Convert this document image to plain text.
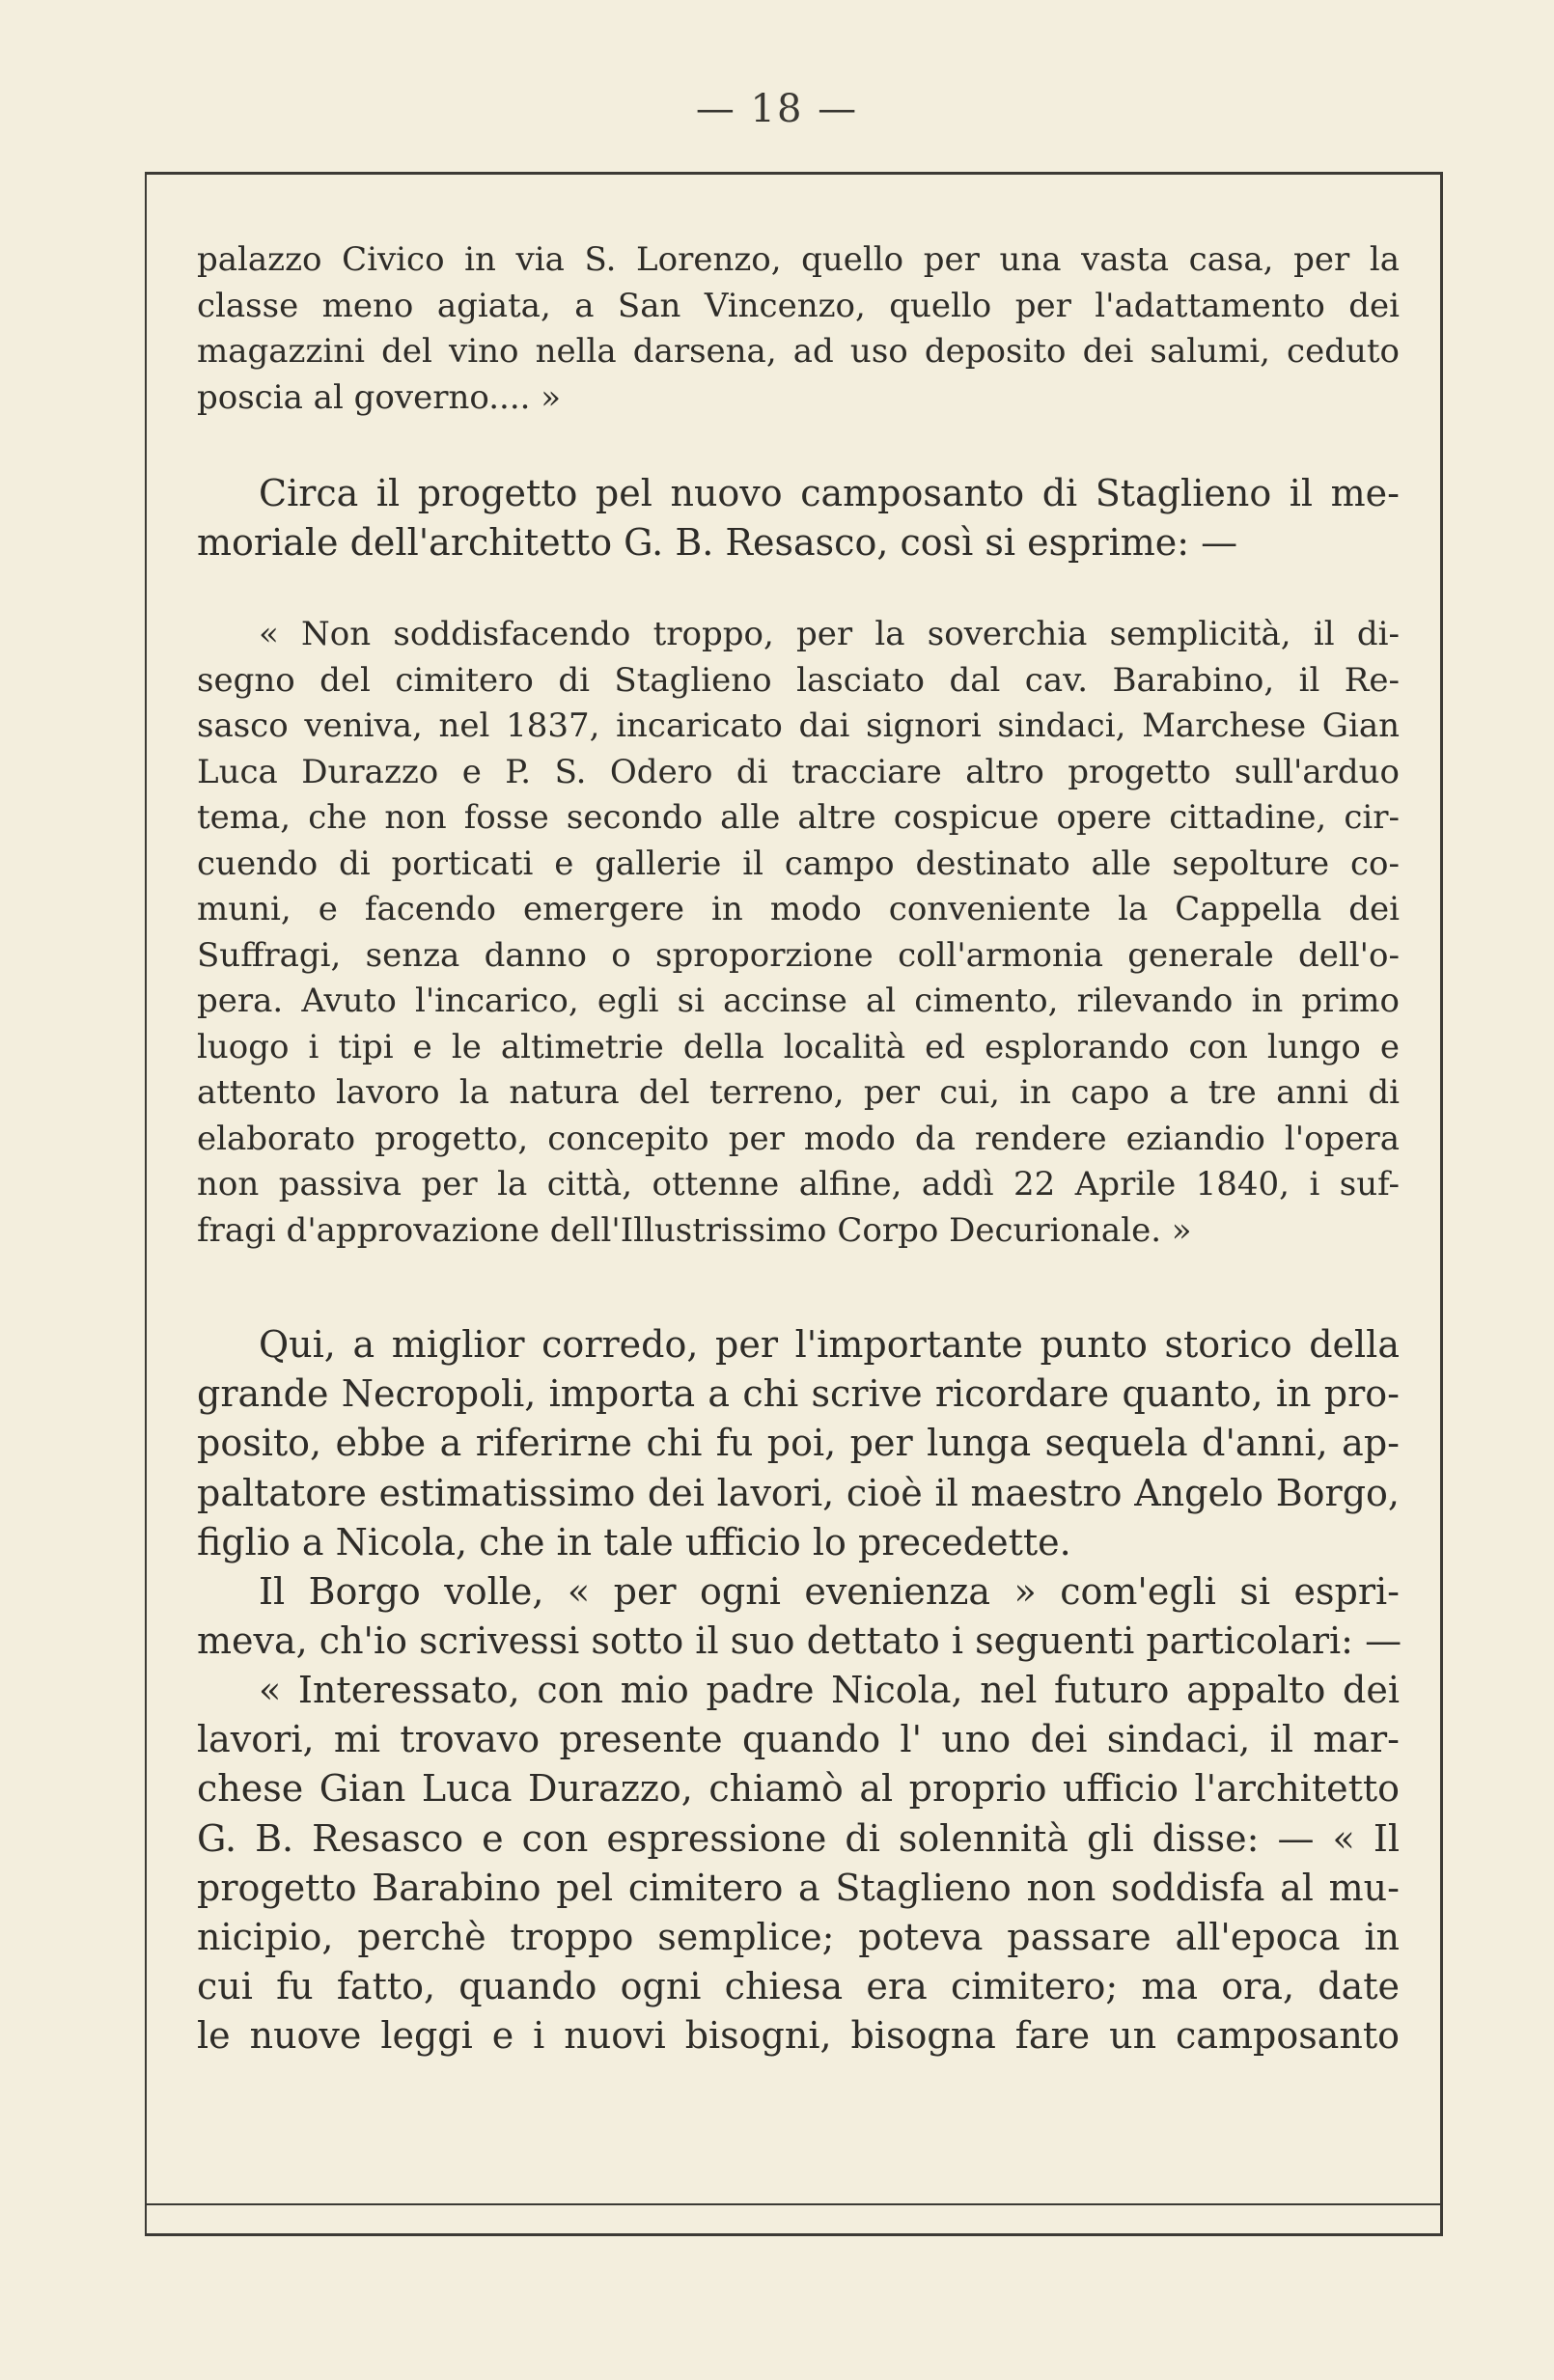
— 18 —
palazzo Civico in via S. Lorenzo, quello per una vasta casa, per la
classe meno agiata, a San Vincenzo, quello per l'adattamento dei
magazzini del vino nella darsena, ad uso deposito dei salumi, ceduto
poscia al governo.... »
Circa il progetto pel nuovo camposanto di Staglieno il me-
moriale dell'architetto G. B. Resasco, così si esprime: —
« Non soddisfacendo troppo, per la soverchia semplicità, il di-
segno del cimitero di Staglieno lasciato dal cav. Barabino, il Re-
sasco veniva, nel 1837, incaricato dai signori sindaci, Marchese Gian
Luca Durazzo e P. S. Odero di tracciare altro progetto sull'arduo
tema, che non fosse secondo alle altre cospicue opere cittadine, cir-
cuendo di porticati e gallerie il campo destinato alle sepolture co-
muni, e facendo emergere in modo conveniente la Cappella dei
Suffragi, senza danno o sproporzione coll'armonia generale dell'o-
pera. Avuto l'incarico, egli si accinse al cimento, rilevando in primo
luogo i tipi e le altimetrie della località ed esplorando con lungo e
attento lavoro la natura del terreno, per cui, in capo a tre anni di
elaborato progetto, concepito per modo da rendere eziandio l'opera
non passiva per la città, ottenne alfine, addì 22 Aprile 1840, i suf-
fragi d'approvazione dell'Illustrissimo Corpo Decurionale. »
Qui, a miglior corredo, per l'importante punto storico della
grande Necropoli, importa a chi scrive ricordare quanto, in pro-
posito, ebbe a riferirne chi fu poi, per lunga sequela d'anni, ap-
paltatore estimatissimo dei lavori, cioè il maestro Angelo Borgo,
figlio a Nicola, che in tale ufficio lo precedette.
Il Borgo volle, « per ogni evenienza » com'egli si espri-
meva, ch'io scrivessi sotto il suo dettato i seguenti particolari: —
« Interessato, con mio padre Nicola, nel futuro appalto dei
lavori, mi trovavo presente quando l' uno dei sindaci, il mar-
chese Gian Luca Durazzo, chiamò al proprio ufficio l'architetto
G. B. Resasco e con espressione di solennità gli disse: — « Il
progetto Barabino pel cimitero a Staglieno non soddisfa al mu-
nicipio, perchè troppo semplice; poteva passare all'epoca in
cui fu fatto, quando ogni chiesa era cimitero; ma ora, date
le nuove leggi e i nuovi bisogni, bisogna fare un camposanto
